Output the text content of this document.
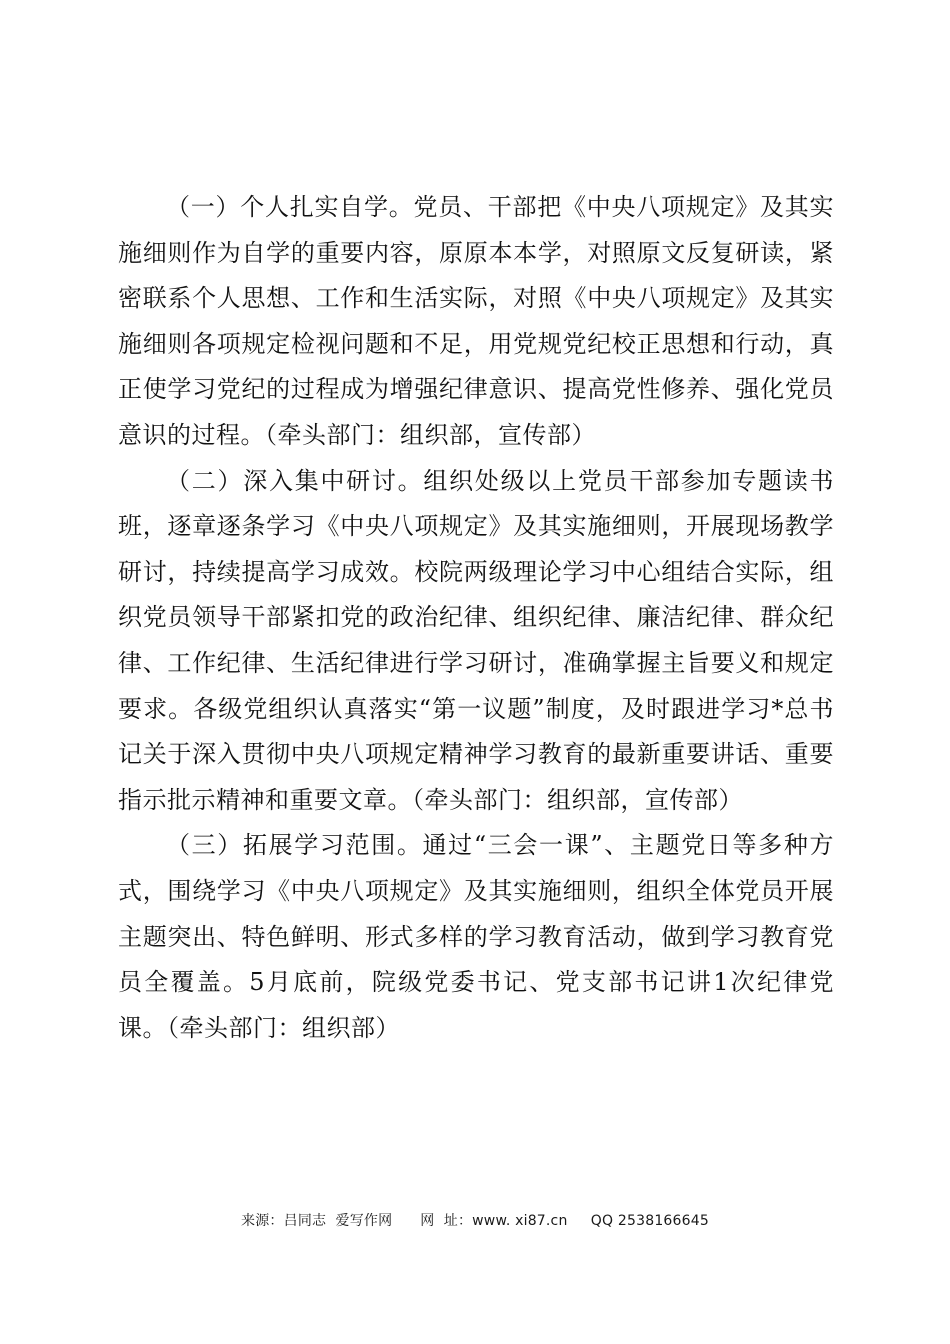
（一）个人扎实自学。党员、干部把《中央八项规定》及其实施细则作为自学的重要内容，原原本本学，对照原文反复研读，紧密联系个人思想、工作和生活实际，对照《中央八项规定》及其实施细则各项规定检视问题和不足，用党规党纪校正思想和行动，真正使学习党纪的过程成为增强纪律意识、提高党性修养、强化党员意识的过程。（牵头部门：组织部，宣传部）

（二）深入集中研讨。组织处级以上党员干部参加专题读书班，逐章逐条学习《中央八项规定》及其实施细则，开展现场教学研讨，持续提高学习成效。校院两级理论学习中心组结合实际，组织党员领导干部紧扣党的政治纪律、组织纪律、廉洁纪律、群众纪律、工作纪律、生活纪律进行学习研讨，准确掌握主旨要义和规定要求。各级党组织认真落实“第一议题”制度，及时跟进学习*总书记关于深入贯彻中央八项规定精神学习教育的最新重要讲话、重要指示批示精神和重要文章。（牵头部门：组织部，宣传部）

（三）拓展学习范围。通过“三会一课”、主题党日等多种方式，围绕学习《中央八项规定》及其实施细则，组织全体党员开展主题突出、特色鲜明、形式多样的学习教育活动，做到学习教育党员全覆盖。5月底前，院级党委书记、党支部书记讲1次纪律党课。（牵头部门：组织部）

来源：吕同志  爱写作网 网  址：www. xi87.cn QQ 2538166645
